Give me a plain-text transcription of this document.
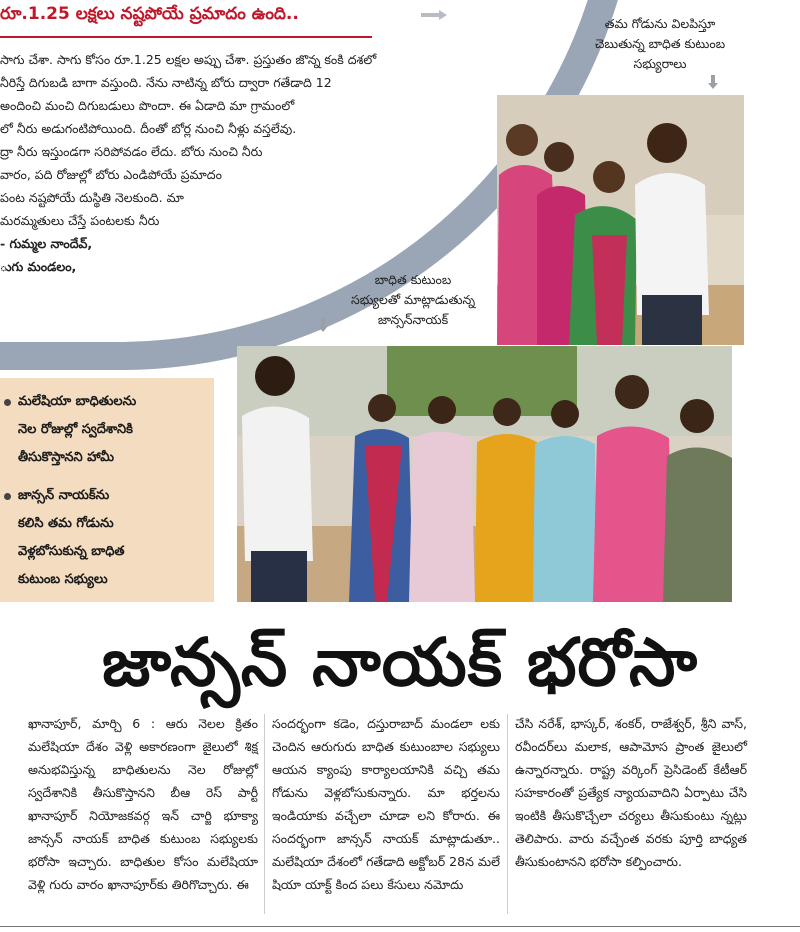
రూ.1.25 లక్షలు నష్టపోయే ప్రమాదం ఉంది..
సాగు చేశా. సాగు కోసం రూ.1.25 లక్షల అప్పు చేశా. ప్రస్తుతం జొన్న కంకి దశలో
నీరిస్తే దిగుబడి బాగా వస్తుంది. నేను నాటిన్న బోరు ద్వారా గతేడాది 12
అందించి మంచి దిగుబడులు పొందా. ఈ ఏడాది మా గ్రామంలో
లో నీరు అడుగంటిపోయింది. దీంతో బోర్ల నుంచి నీళ్లు వస్తలేవు.
ద్రా నీరు ఇస్తుండగా సరిపోవడం లేదు. బోరు నుంచి నీరు
వారం, పది రోజుల్లో బోరు ఎండిపోయే ప్రమాదం
పంట నష్టపోయే దుస్థితి నెలకుంది. మా
మరమ్మతులు చేస్తే పంటలకు నీరు
- గుమ్మల నాందేవ్,
ుగు మండలం,
తమ గోడును విలపిస్తూ
చెబుతున్న బాధిత కుటుంబ
సభ్యురాలు
బాధిత కుటుంబ
సభ్యులతో మాట్లాడుతున్న
జాన్సన్‌నాయక్
మలేషియా బాధితులను
నెల రోజుల్లో స్వదేశానికి
తీసుకొస్తానని హామీ
జాన్సన్ నాయక్‌ను
కలిసి తమ గోడును
వెళ్లబోసుకున్న బాధిత
కుటుంబ సభ్యులు
జాన్సన్ నాయక్ భరోసా
ఖానాపూర్, మార్చి 6 : ఆరు నెలల క్రితం మలేషియా దేశం వెళ్లి అకారణంగా జైలులో శిక్ష అనుభవిస్తున్న బాధితులను నెల రోజుల్లో స్వదేశానికి తీసుకొస్తానని బీఆ రెస్ పార్టీ ఖానాపూర్ నియోజకవర్గ ఇన్ చార్జి భూక్యా జాన్సన్ నాయక్ బాధిత కుటుంబ సభ్యులకు భరోసా ఇచ్చారు. బాధితుల కోసం మలేషియా వెళ్లి గురు వారం ఖానాపూర్‌కు తిరిగొచ్చారు. ఈ
సందర్భంగా కడెం, దస్తురాబాద్ మండలా లకు చెందిన ఆరుగురు బాధిత కుటుంబాల సభ్యులు ఆయన క్యాంపు కార్యాలయానికి వచ్చి తమ గోడును వెళ్లబోసుకున్నారు. మా భర్తలను ఇండియాకు వచ్చేలా చూడా లని కోరారు. ఈ సందర్భంగా జాన్సన్ నాయక్ మాట్లాడుతూ.. మలేషియా దేశంలో గతేడాది అక్టోబర్ 28న మలే షియా యాక్ట్ కింద పలు కేసులు నమోదు
చేసి నరేశ్, భాస్కర్, శంకర్, రాజేశ్వర్, శ్రీని వాస్, రవీందర్‌లు మలాక, ఆపామోస ప్రాంత జైలులో ఉన్నారన్నారు. రాష్ట్ర వర్కింగ్ ప్రెసిడెంట్ కేటీఆర్ సహకారంతో ప్రత్యేక న్యాయవాదిని ఏర్పాటు చేసి ఇంటికి తీసుకొచ్చేలా చర్యలు తీసుకుంటు న్నట్లు తెలిపారు. వారు వచ్చేంత వరకు పూర్తి బాధ్యత తీసుకుంటానని భరోసా కల్పించారు.
